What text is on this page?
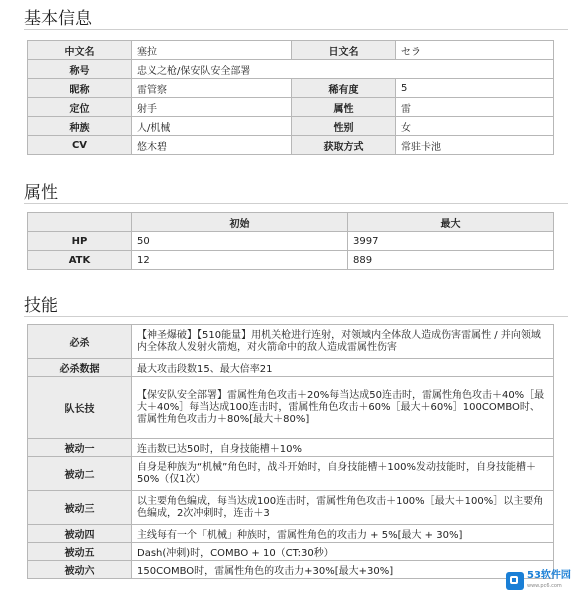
基本信息
中文名	塞拉	日文名	セラ
称号	忠义之枪/保安队安全部署		
昵称	雷管察	稀有度	5
定位	射手	属性	雷
种族	人/机械	性别	女
CV	悠木碧	获取方式	常驻卡池
属性
	初始	最大
HP	50	3997
ATK	12	889
技能
必杀	【神圣爆破】【510能量】用机关枪进行连射，对领域内全体敌人造成伤害雷属性 / 并向领域内全体敌人发射火箭炮，对火箭命中的敌人造成雷属性伤害
必杀数据	最大攻击段数15、最大倍率21
队长技	【保安队安全部署】雷属性角色攻击＋20%每当达成50连击时，雷属性角色攻击＋40%［最大＋40%］每当达成100连击时，雷属性角色攻击＋60%［最大＋60%］100COMBO时、雷属性角色攻击力＋80%[最大＋80%]
被动一	连击数已达50时，自身技能槽＋10%
被动二	自身是种族为“机械”角色时，战斗开始时，自身技能槽＋100%发动技能时，自身技能槽＋50%（仅1次）
被动三	以主要角色编成，每当达成100连击时，雷属性角色攻击＋100%［最大＋100%］以主要角色编成，2次冲刺时，连击＋3
被动四	主线每有一个「机械」种族时，雷属性角色的攻击力 + 5%[最大 + 30%]
被动五	Dash(冲刺)时，COMBO + 10（CT:30秒）
被动六	150COMBO时，雷属性角色的攻击力+30%[最大+30%]	53软件园
www.pc6.com
